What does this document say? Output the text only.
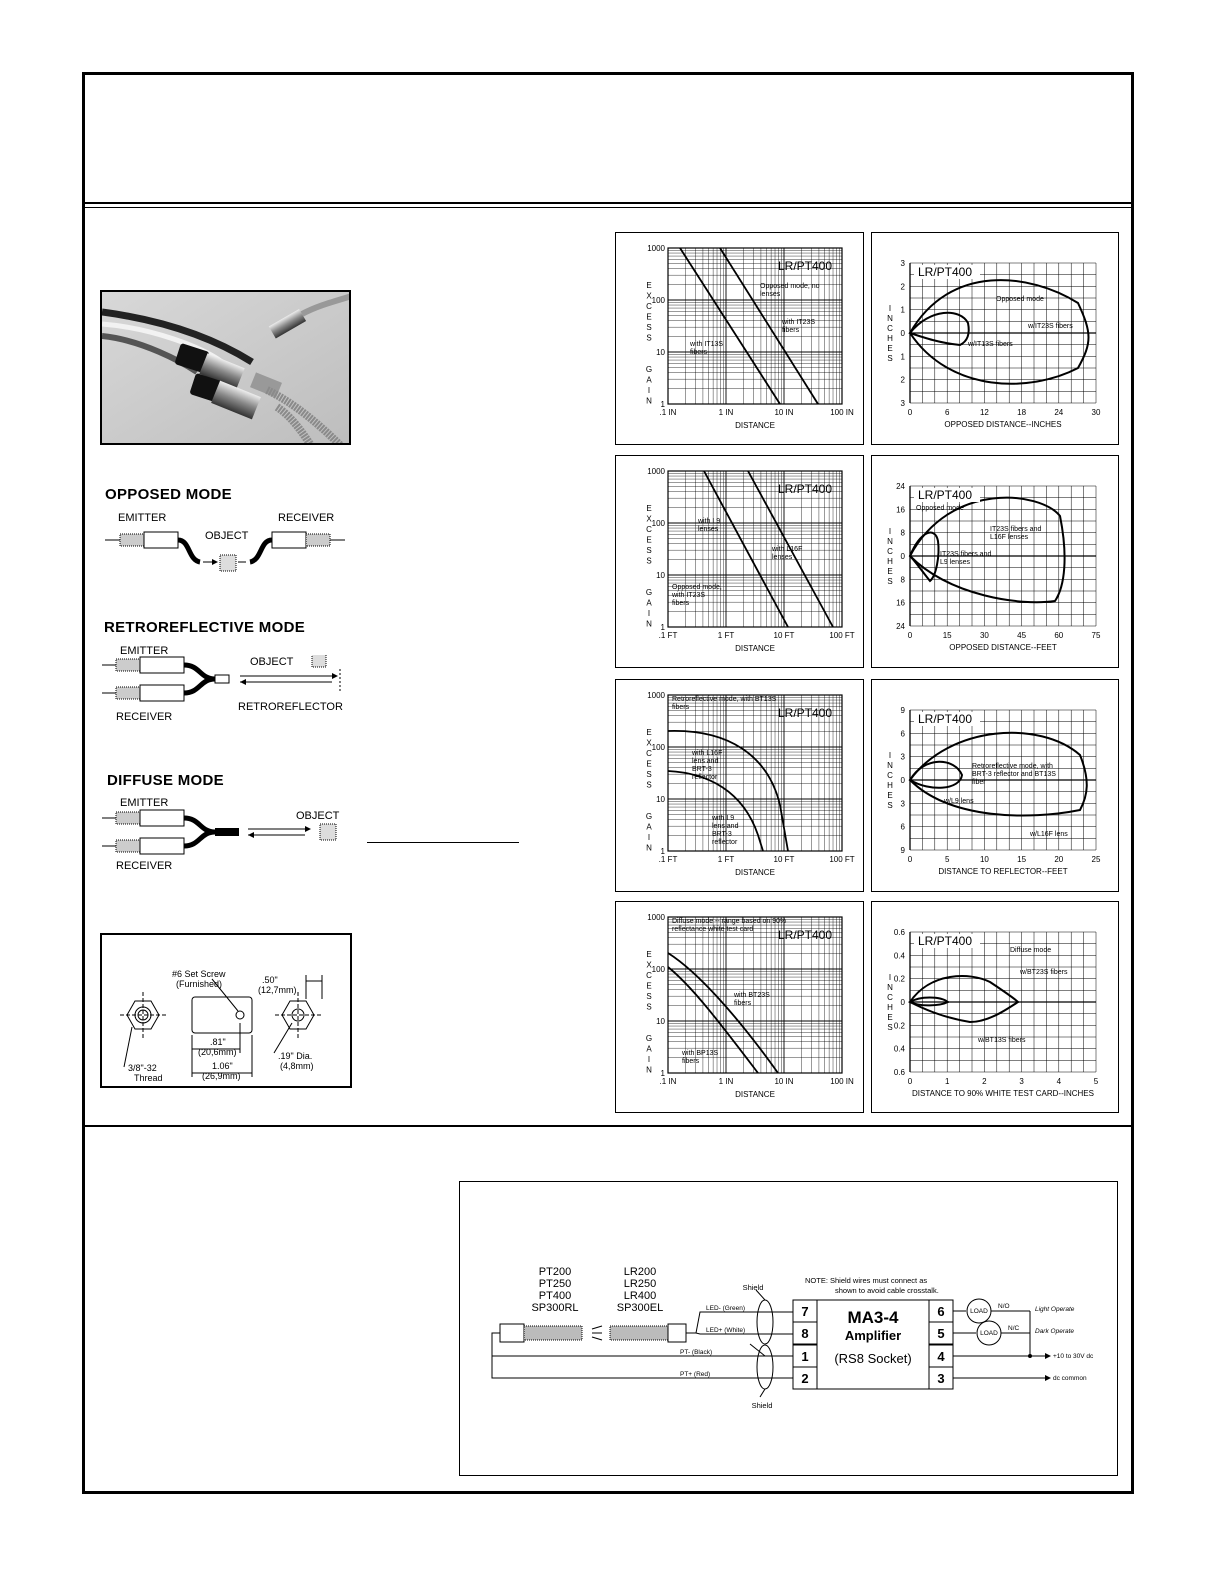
OPPOSED MODE
EMITTER	RECEIVER
OBJECT
RETROREFLECTIVE MODE
EMITTER
RECEIVER
OBJECT
RETROREFLECTOR
DIFFUSE MODE
EMITTER
RECEIVER
OBJECT
#6 Set Screw
(Furnished)	.50"
(12,7mm)
.81"
(20,6mm)
1.06"
(26,9mm)
3/8"-32
Thread
.19" Dia.
(4,8mm)
.1 IN	1 IN	10 IN	100 IN
1000
100
10
1
DISTANCE
E
X
C
E
S
S
G
A
I
N
LR/PT400
Opposed mode, no lenses
with IT13S fibers
with IT23S fibers
0	6	12	18	24	30
3
2
1
0
1
2
3
OPPOSED DISTANCE--INCHES
I
N
C
H
E
S
LR/PT400
Opposed mode
w/IT23S fibers
w/IT13S fibers
.1 FT	1 FT	10 FT	100 FT
1000
100
10
1
DISTANCE
E
X
C
E
S
S
G
A
I
N
LR/PT400
Opposed mode, with IT23S fibers
with L9 lenses
with L16F lenses
0	15	30	45	60	75
24
16
8
0
8
16
24
OPPOSED DISTANCE--FEET
I
N
C
H
E
S
LR/PT400
Opposed mode
IT23S fibers and L16F lenses
IT23S fibers and L9 lenses
.1 FT	1 FT	10 FT	100 FT
1000
100
10
1
DISTANCE
E
X
C
E
S
S
G
A
I
N
LR/PT400
Retroreflective mode, with BT13S fibers
with L16F lens and BRT-3 reflector
with L9 lens and BRT-3 reflector
0	5	10	15	20	25
9
6
3
0
3
6
9
DISTANCE TO REFLECTOR--FEET
I
N
C
H
E
S
LR/PT400
Retroreflective mode, with BRT-3 reflector and BT13S fiber
w/L9 lens
w/L16F lens
.1 IN	1 IN	10 IN	100 IN
1000
100
10
1
DISTANCE
E
X
C
E
S
S
G
A
I
N
LR/PT400
Diffuse mode -- range based on 90% reflectance white test card
with BT23S fibers
with BP13S fibers
0	1	2	3	4	5
0.6
0.4
0.2
0
0.2
0.4
0.6
DISTANCE TO 90% WHITE TEST CARD--INCHES
I
N
C
H
E
S
LR/PT400
Diffuse mode
w/BT23S fibers
w/BT13S fibers
PT200
PT250
PT400
SP300RL
LR200
LR250
LR400
SP300EL
Shield
Shield
NOTE: Shield wires must connect as
shown to avoid cable crosstalk.
LED- (Green)
LED+ (White)
PT- (Black)
PT+ (Red)
LOAD
LOAD
N/O
N/C
Light Operate
Dark Operate
+10 to 30V dc
dc common
7
8
1
2
6
5
4
3
MA3-4
Amplifier
(RS8 Socket)
